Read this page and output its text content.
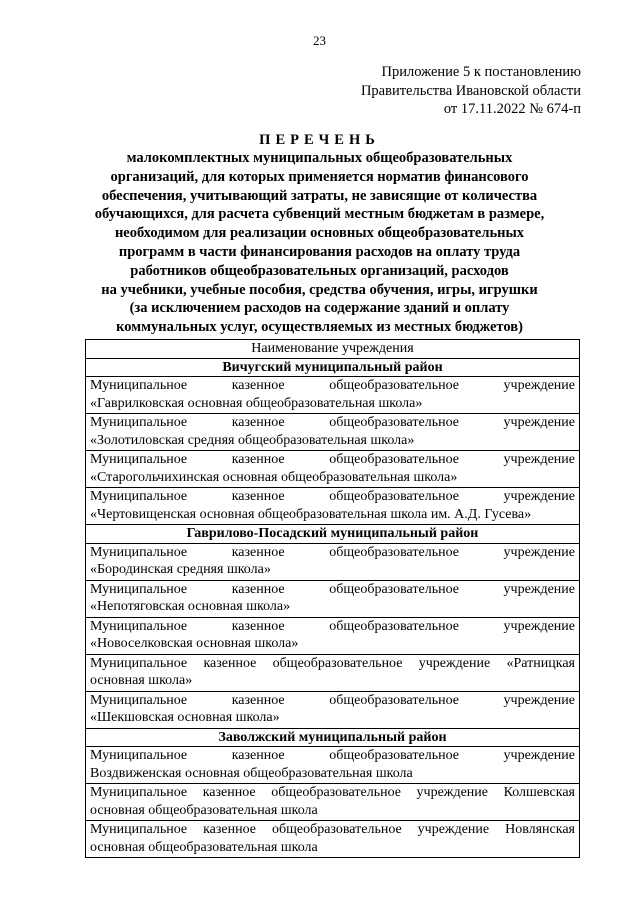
23
Приложение 5 к постановлению
Правительства Ивановской области
от 17.11.2022 № 674-п
ПЕРЕЧЕНЬ
малокомплектных муниципальных общеобразовательных
организаций, для которых применяется норматив финансового
обеспечения, учитывающий затраты, не зависящие от количества
обучающихся, для расчета субвенций местным бюджетам в размере,
необходимом для реализации основных общеобразовательных
программ в части финансирования расходов на оплату труда
работников общеобразовательных организаций, расходов
на учебники, учебные пособия, средства обучения, игры, игрушки
(за исключением расходов на содержание зданий и оплату
коммунальных услуг, осуществляемых из местных бюджетов)
Наименование учреждения
Вичугский муниципальный район

Муниципальное	казенное	общеобразовательное	учреждение
«Гаврилковская основная общеобразовательная школа»

Муниципальное	казенное	общеобразовательное	учреждение
«Золотиловская средняя общеобразовательная школа»

Муниципальное	казенное	общеобразовательное	учреждение
«Старогольчихинская основная общеобразовательная школа»

Муниципальное	казенное	общеобразовательное	учреждение
«Чертовищенская основная общеобразовательная школа им. А.Д. Гусева»

Гаврилово-Посадский муниципальный район

Муниципальное	казенное	общеобразовательное	учреждение
«Бородинская средняя школа»

Муниципальное	казенное	общеобразовательное	учреждение
«Непотяговская основная школа»

Муниципальное	казенное	общеобразовательное	учреждение
«Новоселковская основная школа»

Муниципальное казенное общеобразовательное учреждение «Ратницкая
основная школа»

Муниципальное	казенное	общеобразовательное	учреждение
«Шекшовская основная школа»

Заволжский муниципальный район

Муниципальное	казенное	общеобразовательное	учреждение
Воздвиженская основная общеобразовательная школа

Муниципальное казенное общеобразовательное учреждение Колшевская
основная общеобразовательная школа

Муниципальное казенное общеобразовательное учреждение Новлянская
основная общеобразовательная школа
